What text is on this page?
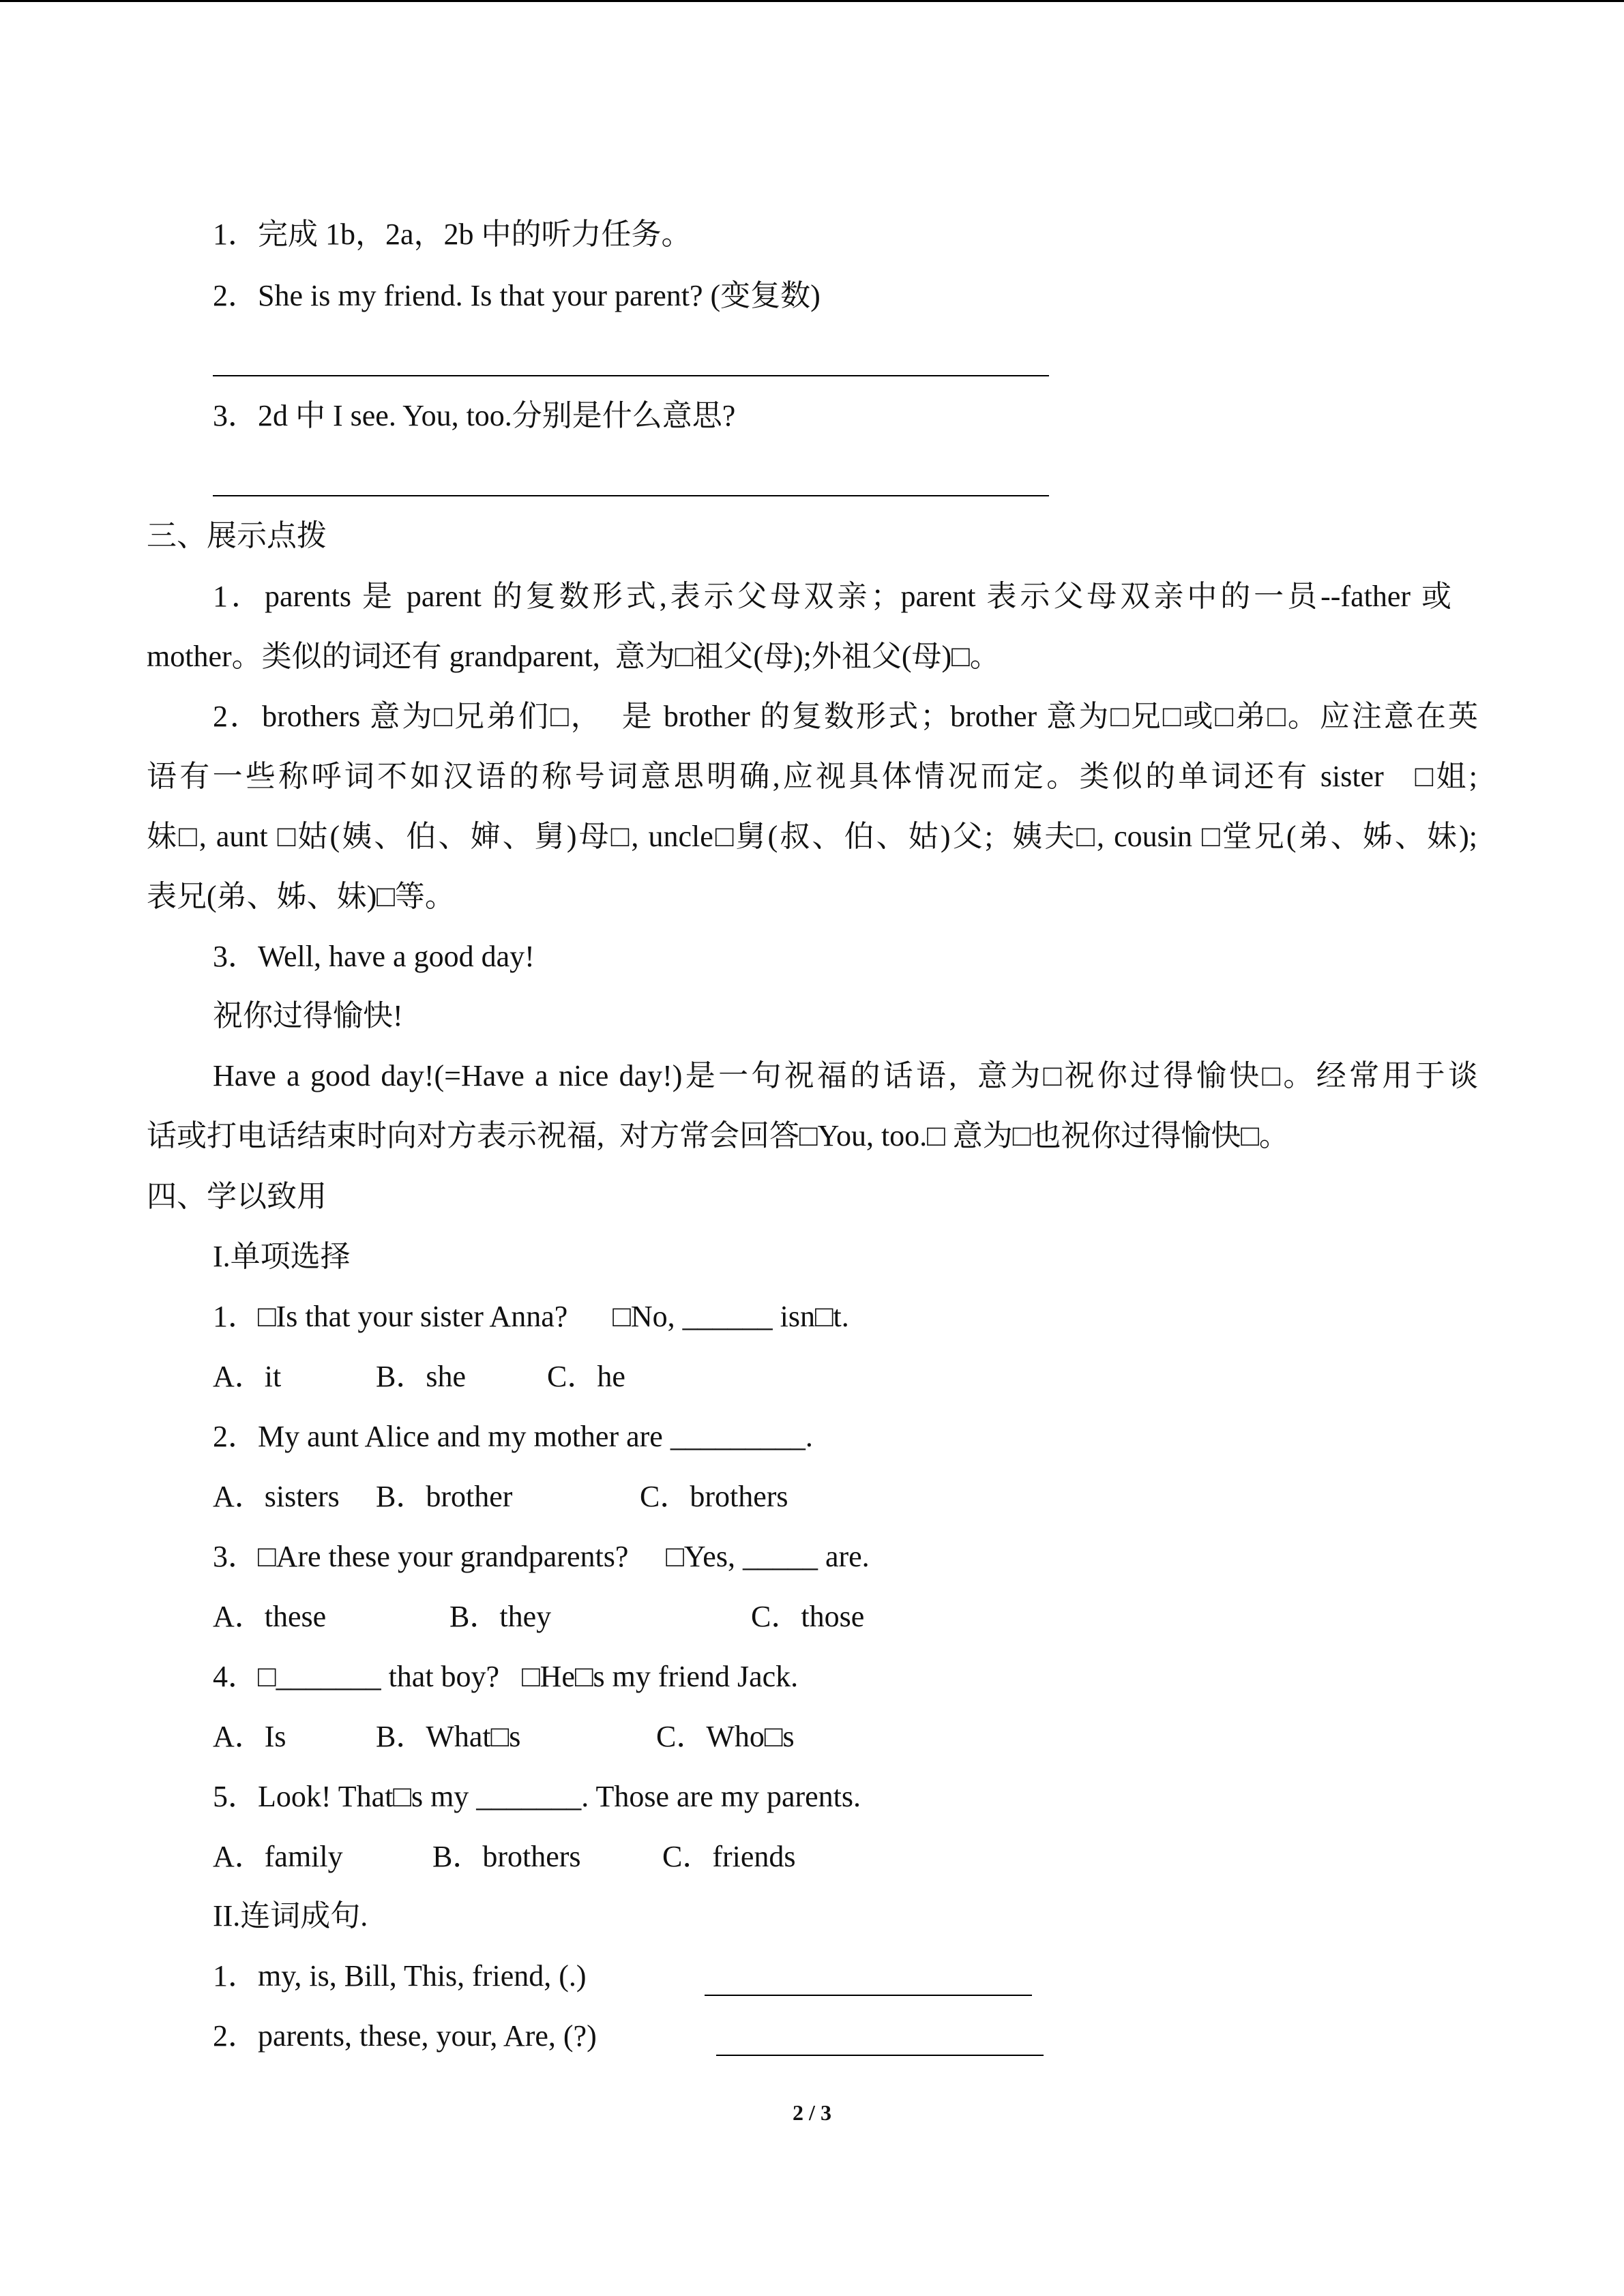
1．完成 1b，2a，2b 中的听力任务。
2．She is my friend. Is that your parent? (变复数)
3．2d 中 I see. You, too.分别是什么意思?
三、展示点拨
1．parents 是 parent 的复数形式,表示父母双亲；parent 表示父母双亲中的一员--father 或
mother。类似的词还有 grandparent,  意为□祖父(母);外祖父(母)□。
2．brothers 意为□兄弟们□，  是 brother 的复数形式；brother 意为□兄□或□弟□。应注意在英
语有一些称呼词不如汉语的称号词意思明确,应视具体情况而定。类似的单词还有 sister   □姐;
妹□, aunt □姑(姨、伯、婶、舅)母□, uncle□舅(叔、伯、姑)父;  姨夫□, cousin □堂兄(弟、姊、妹);
表兄(弟、姊、妹)□等。
3．Well, have a good day!
祝你过得愉快!
Have a good day!(=Have a nice day!)是一句祝福的话语,  意为□祝你过得愉快□。经常用于谈
话或打电话结束时向对方表示祝福,  对方常会回答□You, too.□ 意为□也祝你过得愉快□。
四、学以致用
I.单项选择
1．□Is that your sister Anna?      □No, ______ isn□t.
A．it	B．she	C．he
2．My aunt Alice and my mother are _________.
A．sisters B．brother	C．brothers
3．□Are these your grandparents?     □Yes, _____ are.
A．these	B．they	C．those
4．□_______ that boy?   □He□s my friend Jack.
A．Is	B．What□s	C．Who□s
5．Look! That□s my _______. Those are my parents.
A．family	B．brothers	C．friends
II.连词成句.
1．my, is, Bill, This, friend, (.)
2．parents, these, your, Are, (?)
2 / 3
